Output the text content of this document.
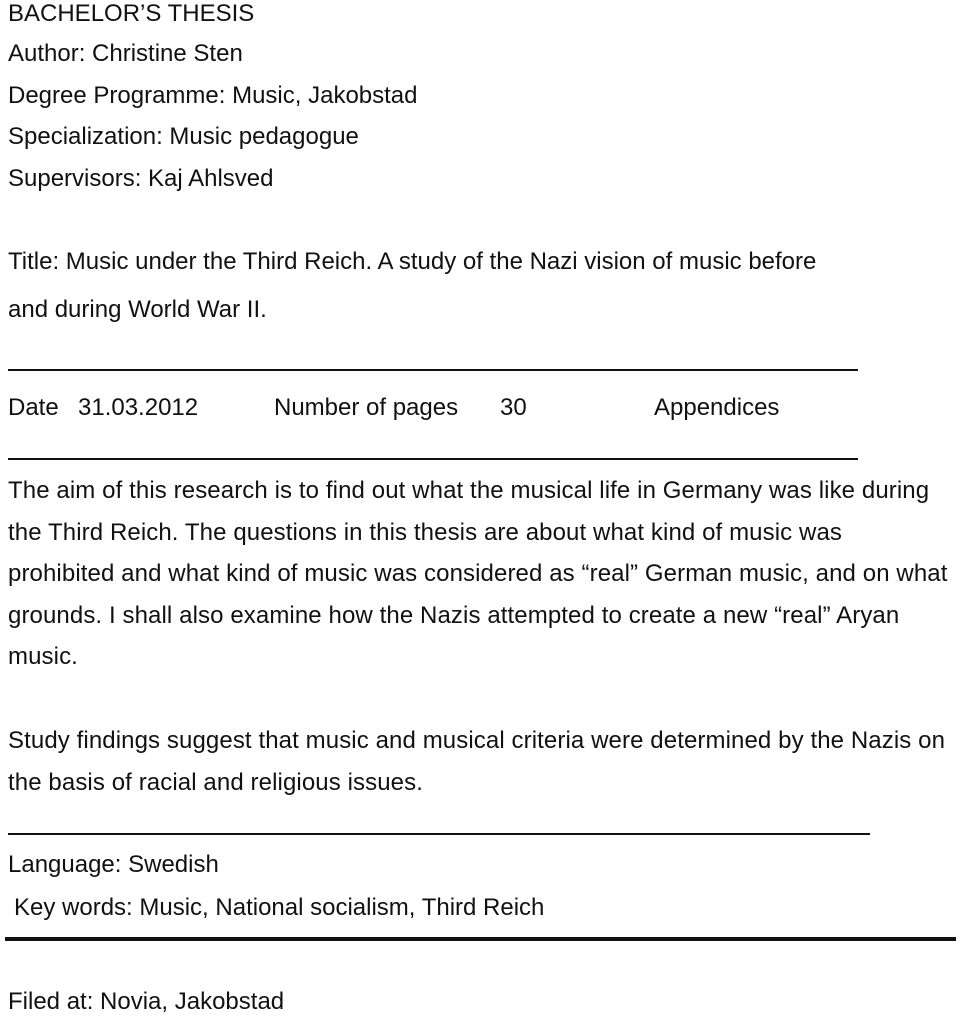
BACHELOR’S THESIS
Author: Christine Sten
Degree Programme: Music, Jakobstad
Specialization: Music pedagogue
Supervisors: Kaj Ahlsved
Title: Music under the Third Reich. A study of the Nazi vision of music before
and during World War II.
Date 31.03.2012	Number of pages 30	Appendices

The aim of this research is to find out what the musical life in Germany was like during the Third Reich. The questions in this thesis are about what kind of music was prohibited and what kind of music was considered as “real” German music, and on what grounds. I shall also examine how the Nazis attempted to create a new “real” Aryan music.

Study findings suggest that music and musical criteria were determined by the Nazis on the basis of racial and religious issues.

Language: Swedish
Key words: Music, National socialism, Third Reich
Filed at: Novia, Jakobstad
